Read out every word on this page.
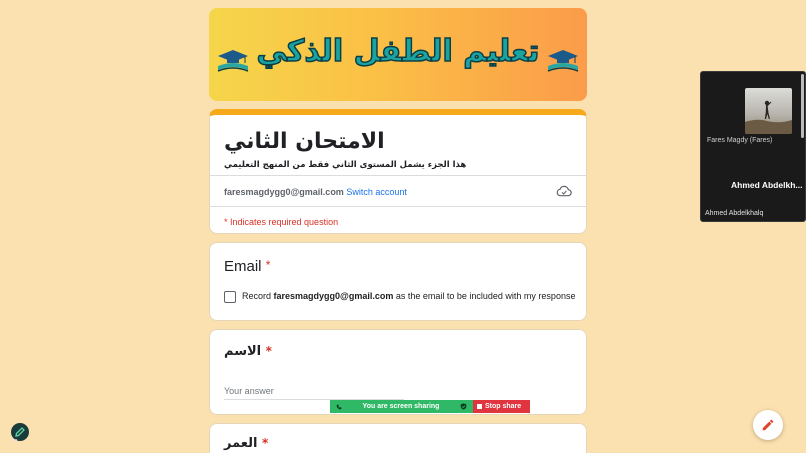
تعليم الطفل الذكي
الامتحان الثاني
هذا الجزء يشمل المستوى الثاني فقط من المنهج التعليمي
faresmagdygg0@gmail.com Switch account
* Indicates required question
Email *
Record faresmagdygg0@gmail.com as the email to be included with my response
الاسم *
Your answer
العمر *
You are screen sharing	Stop share
Fares Magdy (Fares)
Ahmed Abdelkh...
Ahmed Abdelkhalq
